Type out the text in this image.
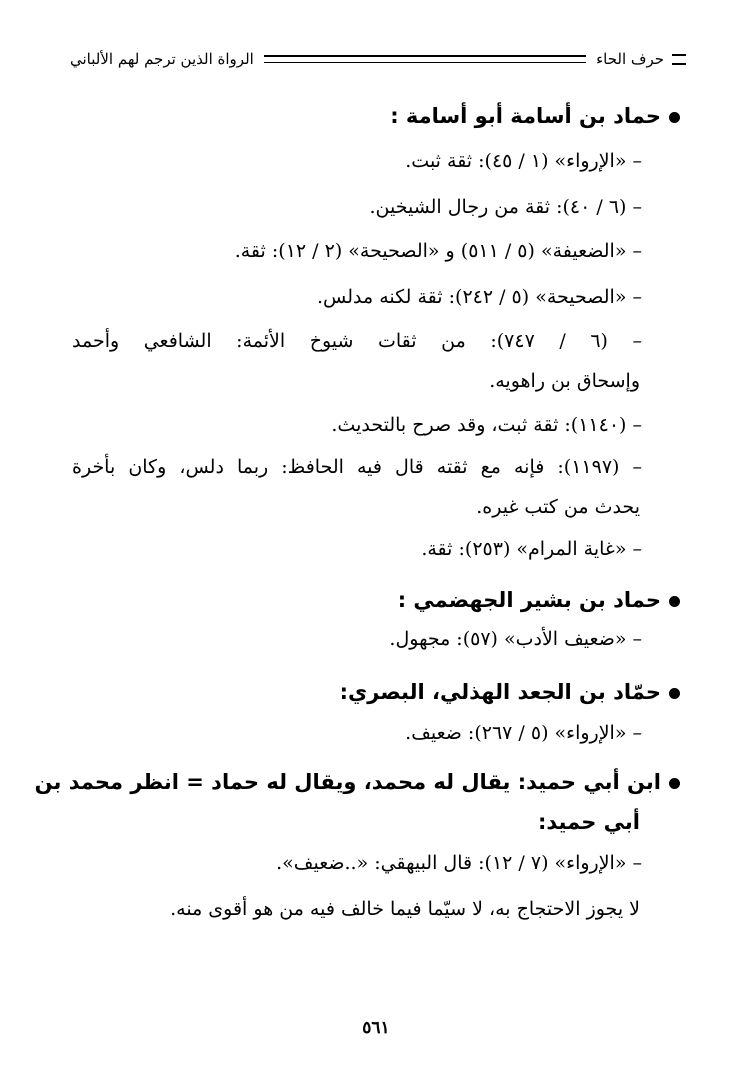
حرف الحاء
الرواة الذين ترجم لهم الألباني
حماد بن أسامة أبو أسامة :
– «الإرواء» (١ / ٤٥): ثقة ثبت.
– (٦ / ٤٠): ثقة من رجال الشيخين.
– «الضعيفة» (٥ / ٥١١) و «الصحيحة» (٢ / ١٢): ثقة.
– «الصحيحة» (٥ / ٢٤٢): ثقة لكنه مدلس.
– (٦ / ٧٤٧): من ثقات شيوخ الأئمة: الشافعي وأحمد
وإسحاق بن راهويه.
– (١١٤٠): ثقة ثبت، وقد صرح بالتحديث.
– (١١٩٧): فإنه مع ثقته قال فيه الحافظ: ربما دلس، وكان بأخرة
يحدث من كتب غيره.
– «غاية المرام» (٢٥٣): ثقة.
حماد بن بشير الجهضمي :
– «ضعيف الأدب» (٥٧): مجهول.
حمّاد بن الجعد الهذلي، البصري:
– «الإرواء» (٥ / ٢٦٧): ضعيف.
ابن أبي حميد: يقال له محمد، ويقال له حماد = انظر محمد بن
أبي حميد:
– «الإرواء» (٧ / ١٢): قال البيهقي: «..ضعيف».
لا يجوز الاحتجاج به، لا سيّما فيما خالف فيه من هو أقوى منه.
٥٦١
